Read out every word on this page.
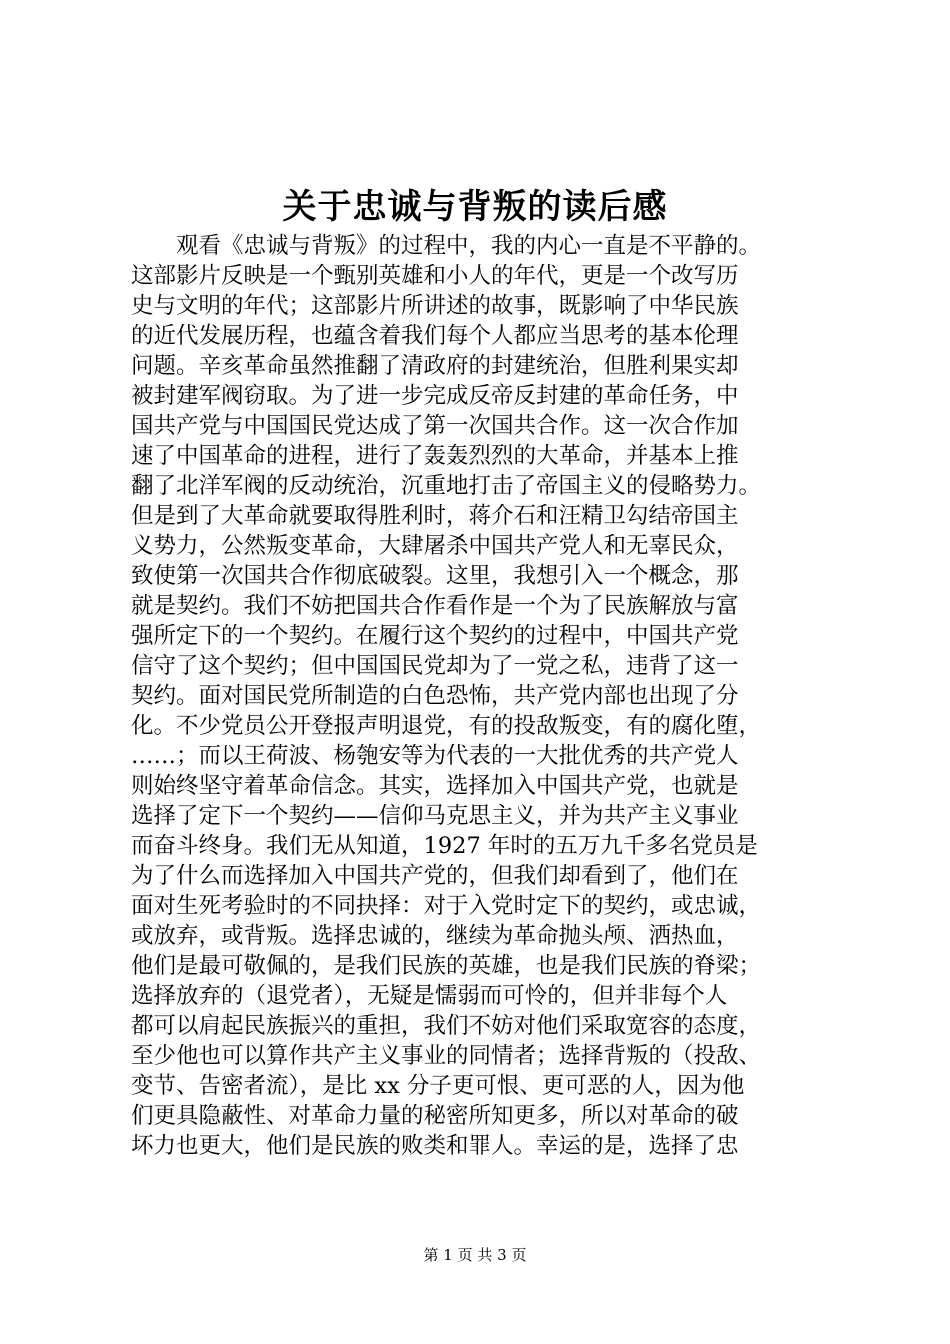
关于忠诚与背叛的读后感
观看《忠诚与背叛》的过程中，我的内心一直是不平静的。
这部影片反映是一个甄别英雄和小人的年代，更是一个改写历
史与文明的年代；这部影片所讲述的故事，既影响了中华民族
的近代发展历程，也蕴含着我们每个人都应当思考的基本伦理
问题。辛亥革命虽然推翻了清政府的封建统治，但胜利果实却
被封建军阀窃取。为了进一步完成反帝反封建的革命任务，中
国共产党与中国国民党达成了第一次国共合作。这一次合作加
速了中国革命的进程，进行了轰轰烈烈的大革命，并基本上推
翻了北洋军阀的反动统治，沉重地打击了帝国主义的侵略势力。
但是到了大革命就要取得胜利时，蒋介石和汪精卫勾结帝国主
义势力，公然叛变革命，大肆屠杀中国共产党人和无辜民众，
致使第一次国共合作彻底破裂。这里，我想引入一个概念，那
就是契约。我们不妨把国共合作看作是一个为了民族解放与富
强所定下的一个契约。在履行这个契约的过程中，中国共产党
信守了这个契约；但中国国民党却为了一党之私，违背了这一
契约。面对国民党所制造的白色恐怖，共产党内部也出现了分
化。不少党员公开登报声明退党，有的投敌叛变，有的腐化堕，
……；而以王荷波、杨匏安等为代表的一大批优秀的共产党人
则始终坚守着革命信念。其实，选择加入中国共产党，也就是
选择了定下一个契约——信仰马克思主义，并为共产主义事业
而奋斗终身。我们无从知道，1927 年时的五万九千多名党员是
为了什么而选择加入中国共产党的，但我们却看到了，他们在
面对生死考验时的不同抉择：对于入党时定下的契约，或忠诚，
或放弃，或背叛。选择忠诚的，继续为革命抛头颅、洒热血，
他们是最可敬佩的，是我们民族的英雄，也是我们民族的脊梁；
选择放弃的（退党者），无疑是懦弱而可怜的，但并非每个人
都可以肩起民族振兴的重担，我们不妨对他们采取宽容的态度，
至少他也可以算作共产主义事业的同情者；选择背叛的（投敌、
变节、告密者流），是比 xx 分子更可恨、更可恶的人，因为他
们更具隐蔽性、对革命力量的秘密所知更多，所以对革命的破
坏力也更大，他们是民族的败类和罪人。幸运的是，选择了忠
第 1 页 共 3 页
